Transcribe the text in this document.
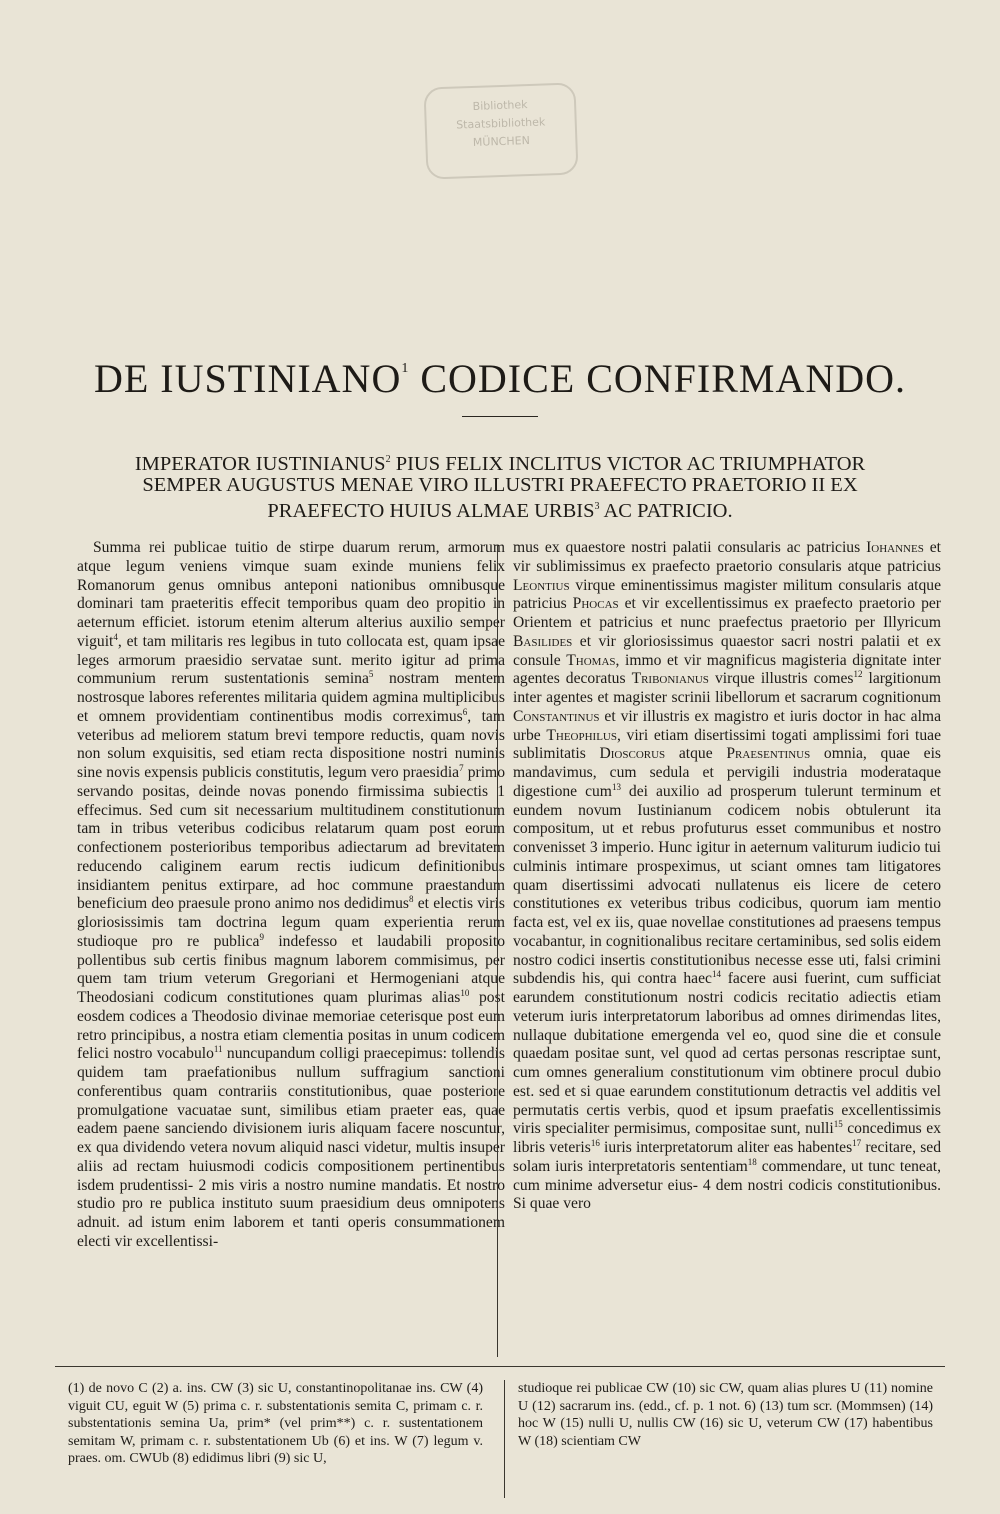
Bibliothek
Staatsbibliothek
MÜNCHEN
DE IUSTINIANO$^1$ CODICE CONFIRMANDO.
IMPERATOR IUSTINIANUS$^2$ PIUS FELIX INCLITUS VICTOR AC TRIUMPHATOR
SEMPER AUGUSTUS MENAE VIRO ILLUSTRI PRAEFECTO PRAETORIO II EX
PRAEFECTO HUIUS ALMAE URBIS$^3$ AC PATRICIO.
Summa rei publicae tuitio de stirpe duarum rerum, armorum atque legum veniens vimque suam exinde muniens felix Romanorum genus omnibus anteponi nationibus omnibusque dominari tam praeteritis effecit temporibus quam deo propitio in aeternum efficiet. istorum etenim alterum alterius auxilio semper viguit$^4$, et tam militaris res legibus in tuto collocata est, quam ipsae leges armorum praesidio servatae sunt. merito igitur ad prima communium rerum sustentationis semina$^5$ nostram mentem nostrosque labores referentes militaria quidem agmina multiplicibus et omnem providentiam continentibus modis correximus$^6$, tam veteribus ad meliorem statum brevi tempore reductis, quam novis non solum exquisitis, sed etiam recta dispositione nostri numinis sine novis expensis publicis constitutis, legum vero praesidia$^7$ primo servando positas, deinde novas ponendo firmissima subiectis 1 effecimus. Sed cum sit necessarium multitudinem constitutionum tam in tribus veteribus codicibus relatarum quam post eorum confectionem posterioribus temporibus adiectarum ad brevitatem reducendo caliginem earum rectis iudicum definitionibus insidiantem penitus extirpare, ad hoc commune praestandum beneficium deo praesule prono animo nos dedidimus$^8$ et electis viris gloriosissimis tam doctrina legum quam experientia rerum studioque pro re publica$^9$ indefesso et laudabili proposito pollentibus sub certis finibus magnum laborem commisimus, per quem tam trium veterum Gregoriani et Hermogeniani atque Theodosiani codicum constitutiones quam plurimas alias$^{10}$ post eosdem codices a Theodosio divinae memoriae ceterisque post eum retro principibus, a nostra etiam clementia positas in unum codicem felici nostro vocabulo$^{11}$ nuncupandum colligi praecepimus: tollendis quidem tam praefationibus nullum suffragium sanctioni conferentibus quam contrariis constitutionibus, quae posteriore promulgatione vacuatae sunt, similibus etiam praeter eas, quae eadem paene sanciendo divisionem iuris aliquam facere noscuntur, ex qua dividendo vetera novum aliquid nasci videtur, multis insuper aliis ad rectam huiusmodi codicis compositionem pertinentibus isdem prudentissi- 2 mis viris a nostro numine mandatis. Et nostro studio pro re publica instituto suum praesidium deus omnipotens adnuit. ad istum enim laborem et tanti operis consummationem electi vir excellentissi-
mus ex quaestore nostri palatii consularis ac patricius Iohannes et vir sublimissimus ex praefecto praetorio consularis atque patricius Leontius virque eminentissimus magister militum consularis atque patricius Phocas et vir excellentissimus ex praefecto praetorio per Orientem et patricius et nunc praefectus praetorio per Illyricum Basilides et vir gloriosissimus quaestor sacri nostri palatii et ex consule Thomas, immo et vir magnificus magisteria dignitate inter agentes decoratus Tribonianus virque illustris comes$^{12}$ largitionum inter agentes et magister scrinii libellorum et sacrarum cognitionum Constantinus et vir illustris ex magistro et iuris doctor in hac alma urbe Theophilus, viri etiam disertissimi togati amplissimi fori tuae sublimitatis Dioscorus atque Praesentinus omnia, quae eis mandavimus, cum sedula et pervigili industria moderataque digestione cum$^{13}$ dei auxilio ad prosperum tulerunt terminum et eundem novum Iustinianum codicem nobis obtulerunt ita compositum, ut et rebus profuturus esset communibus et nostro convenisset 3 imperio. Hunc igitur in aeternum valiturum iudicio tui culminis intimare prospeximus, ut sciant omnes tam litigatores quam disertissimi advocati nullatenus eis licere de cetero constitutiones ex veteribus tribus codicibus, quorum iam mentio facta est, vel ex iis, quae novellae constitutiones ad praesens tempus vocabantur, in cognitionalibus recitare certaminibus, sed solis eidem nostro codici insertis constitutionibus necesse esse uti, falsi crimini subdendis his, qui contra haec$^{14}$ facere ausi fuerint, cum sufficiat earundem constitutionum nostri codicis recitatio adiectis etiam veterum iuris interpretatorum laboribus ad omnes dirimendas lites, nullaque dubitatione emergenda vel eo, quod sine die et consule quaedam positae sunt, vel quod ad certas personas rescriptae sunt, cum omnes generalium constitutionum vim obtinere procul dubio est. sed et si quae earundem constitutionum detractis vel additis vel permutatis certis verbis, quod et ipsum praefatis excellentissimis viris specialiter permisimus, compositae sunt, nulli$^{15}$ concedimus ex libris veteris$^{16}$ iuris interpretatorum aliter eas habentes$^{17}$ recitare, sed solam iuris interpretatoris sententiam$^{18}$ commendare, ut tunc teneat, cum minime adversetur eius- 4 dem nostri codicis constitutionibus. Si quae vero
(1) de novo C (2) a. ins. CW (3) sic U, constantinopolitanae ins. CW (4) viguit CU, eguit W (5) prima c. r. substentationis semita C, primam c. r. substentationis semina Ua, prim* (vel prim**) c. r. sustentationem semitam W, primam c. r. substentationem Ub (6) et ins. W (7) legum v. praes. om. CWUb (8) edidimus libri (9) sic U,
studioque rei publicae CW (10) sic CW, quam alias plures U (11) nomine U (12) sacrarum ins. (edd., cf. p. 1 not. 6) (13) tum scr. (Mommsen) (14) hoc W (15) nulli U, nullis CW (16) sic U, veterum CW (17) habentibus W (18) scientiam CW
